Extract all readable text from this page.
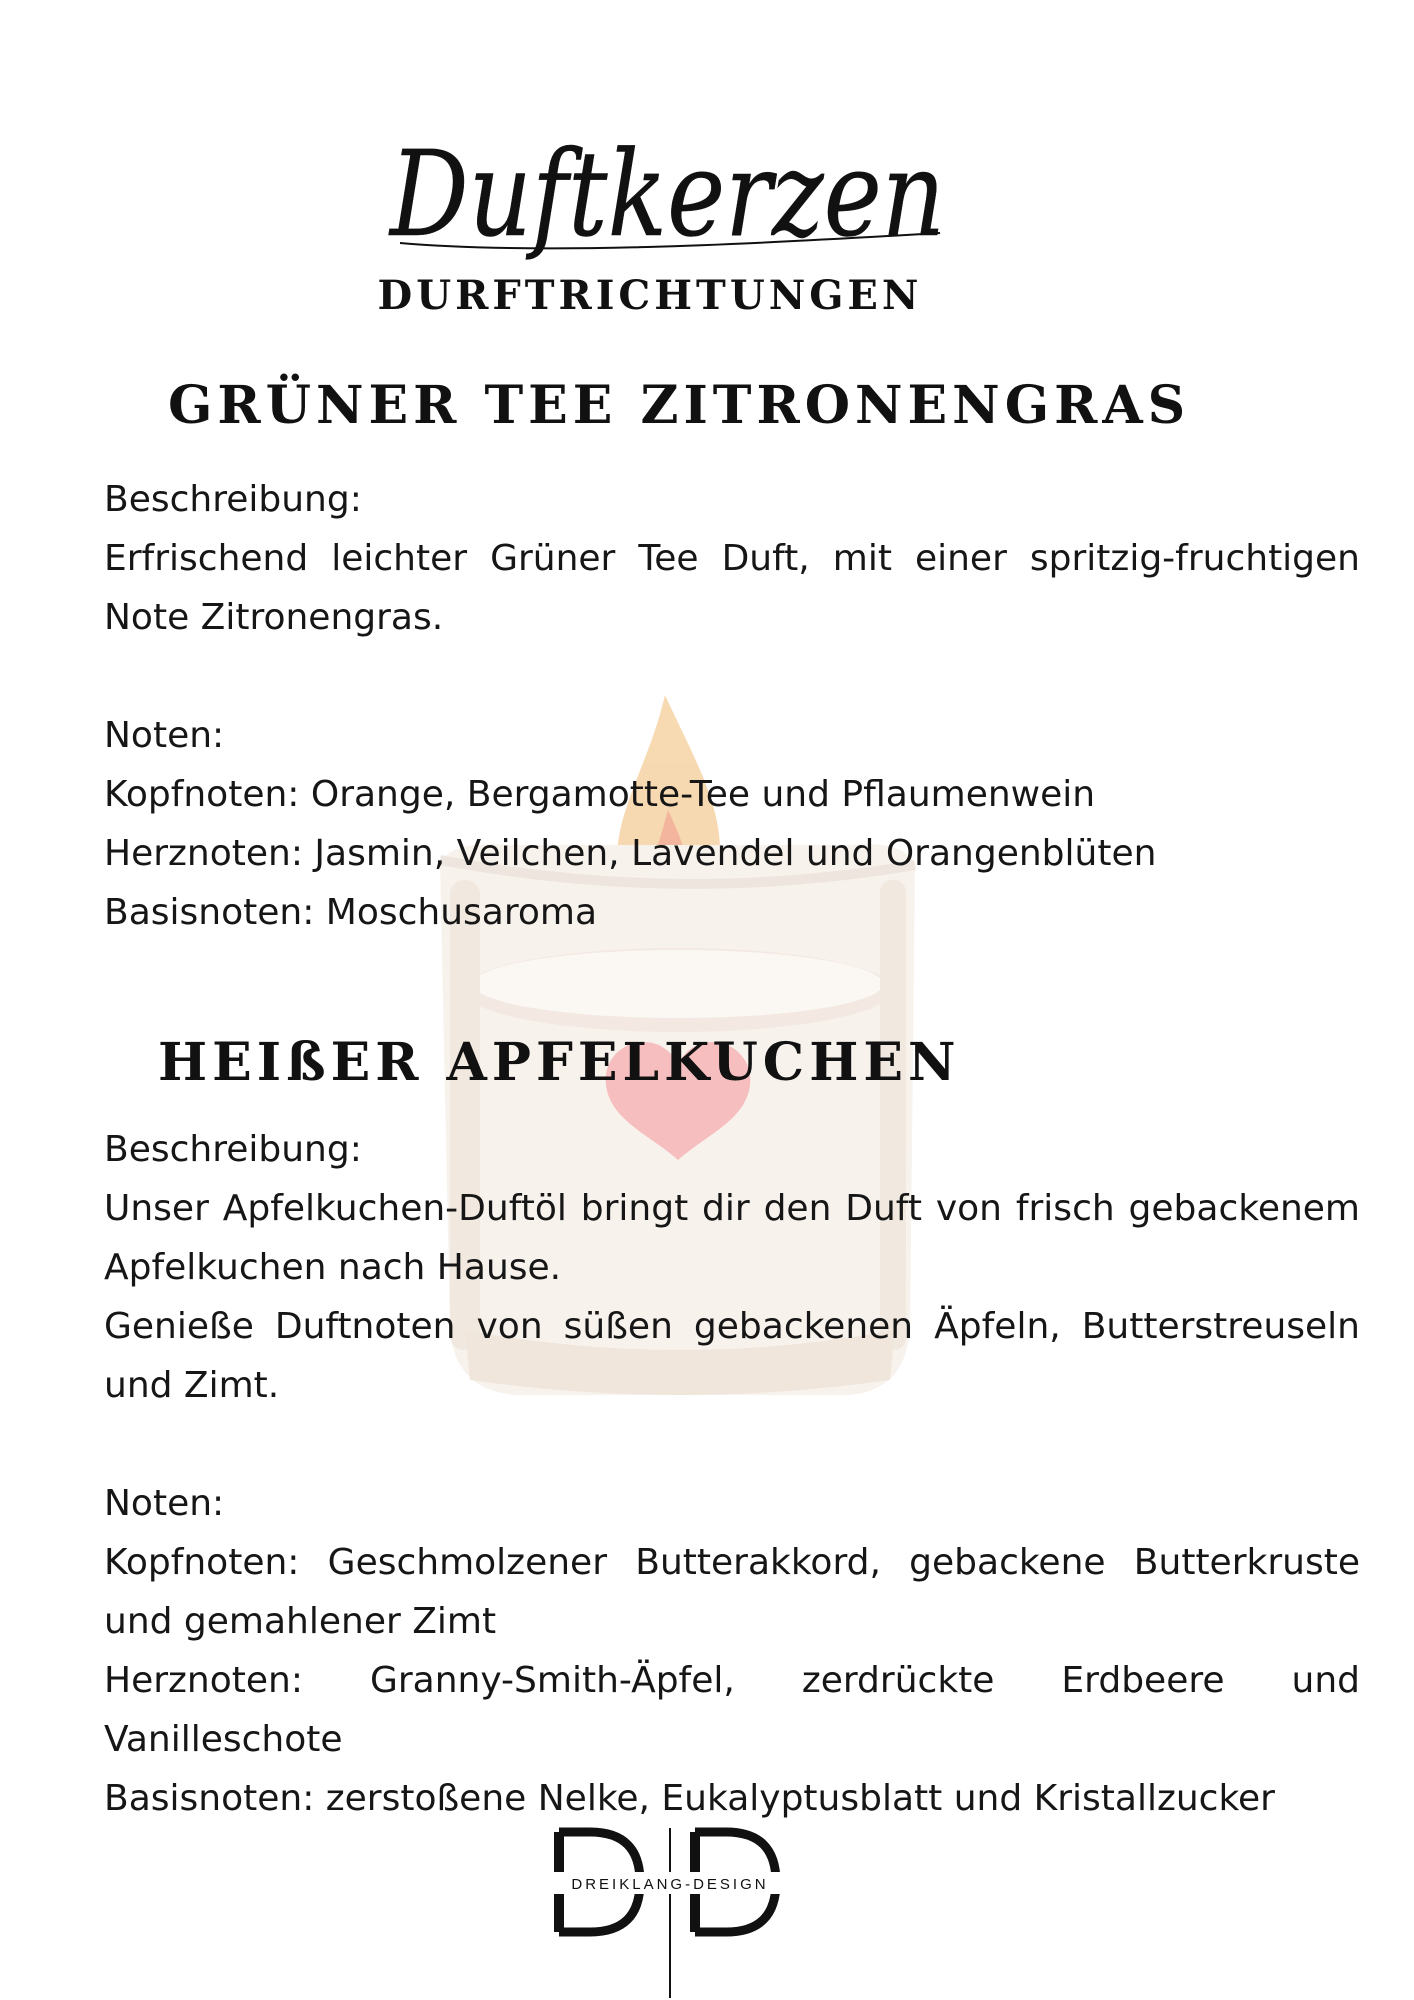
Duftkerzen
DURFTRICHTUNGEN
GRÜNER TEE ZITRONENGRAS

Beschreibung:

Erfrischend leichter Grüner Tee Duft, mit einer spritzig-fruchtigen Note Zitronengras.

Noten:

Kopfnoten: Orange, Bergamotte-Tee und Pflaumenwein

Herznoten: Jasmin, Veilchen, Lavendel und Orangenblüten

Basisnoten: Moschusaroma

HEIßER APFELKUCHEN

Beschreibung:

Unser Apfelkuchen-Duftöl bringt dir den Duft von frisch gebackenem Apfelkuchen nach Hause.

Genieße Duftnoten von süßen gebackenen Äpfeln, Butterstreuseln und Zimt.

Noten:

Kopfnoten: Geschmolzener Butterakkord, gebackene Butterkruste und gemahlener Zimt

Herznoten: Granny-Smith-Äpfel, zerdrückte Erdbeere und Vanilleschote

Basisnoten: zerstoßene Nelke, Eukalyptusblatt und Kristallzucker

DREIKLANG-DESIGN
